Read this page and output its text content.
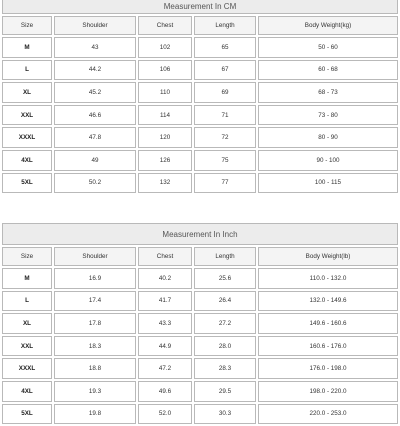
Measurement In CM				
Size	Shoulder	Chest	Length	Body Weight(kg)
M	43	102	65	50 - 60
L	44.2	106	67	60 - 68
XL	45.2	110	69	68 - 73
XXL	46.6	114	71	73 - 80
XXXL	47.8	120	72	80 - 90
4XL	49	126	75	90 - 100
5XL	50.2	132	77	100 - 115
Measurement In Inch				
Size	Shoulder	Chest	Length	Body Weight(lb)
M	16.9	40.2	25.6	110.0 - 132.0
L	17.4	41.7	26.4	132.0 - 149.6
XL	17.8	43.3	27.2	149.6 - 160.6
XXL	18.3	44.9	28.0	160.6 - 176.0
XXXL	18.8	47.2	28.3	176.0 - 198.0
4XL	19.3	49.6	29.5	198.0 - 220.0
5XL	19.8	52.0	30.3	220.0 - 253.0
